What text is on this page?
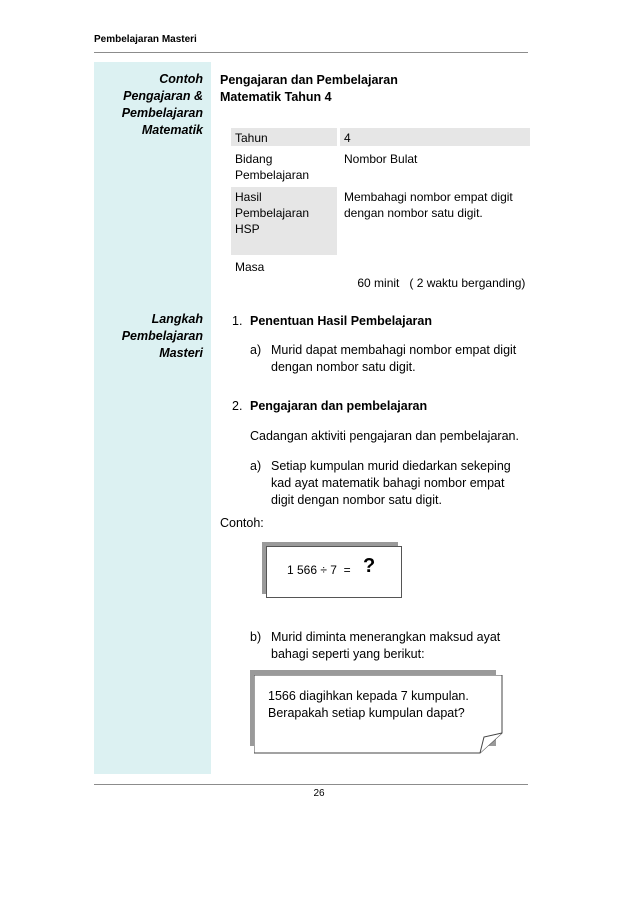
Pembelajaran Masteri
Contoh
Pengajaran &
Pembelajaran
Matematik
Langkah
Pembelajaran
Masteri
Pengajaran dan Pembelajaran
Matematik Tahun 4
Tahun	4
Bidang
Pembelajaran
Nombor Bulat
Hasil
Pembelajaran
HSP
Membahagi nombor empat digit
dengan nombor satu digit.
Masa

60 minit   ( 2 waktu berganding)

1. Penentuan Hasil Pembelajaran
a) Murid dapat membahagi nombor empat digit
dengan nombor satu digit.
2. Pengajaran dan pembelajaran
Cadangan aktiviti pengajaran dan pembelajaran.
a) Setiap kumpulan murid diedarkan sekeping
kad ayat matematik bahagi nombor empat
digit dengan nombor satu digit.
Contoh:
1 566 ÷ 7  = ?
b) Murid diminta menerangkan maksud ayat
bahagi seperti yang berikut:
1566 diagihkan kepada 7 kumpulan.
Berapakah setiap kumpulan dapat?
26
